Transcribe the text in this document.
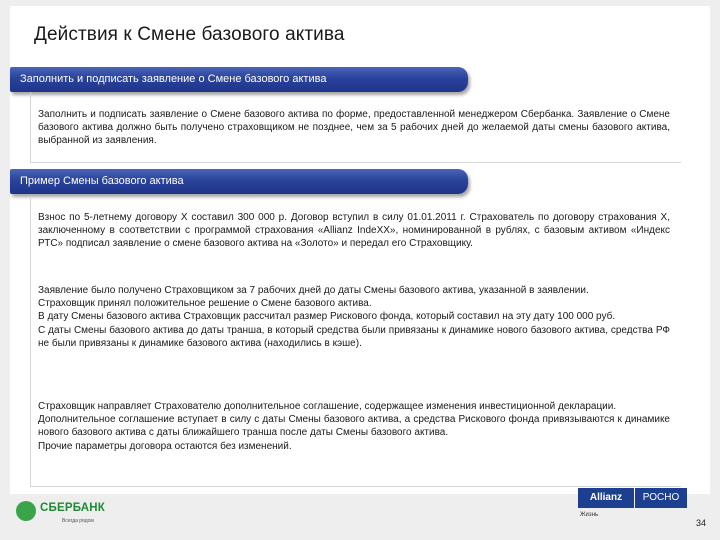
Действия к Смене базового актива
Заполнить и подписать заявление о Смене базового актива
Заполнить и подписать заявление о Смене базового актива по форме, предоставленной менеджером Сбербанка. Заявление о Смене базового актива должно быть получено страховщиком не позднее, чем за 5 рабочих дней до желаемой даты смены базового актива, выбранной из заявления.
Пример Смены базового актива
Взнос по 5-летнему договору Х составил 300 000 р. Договор вступил в силу 01.01.2011 г. Страхователь по договору страхования Х, заключенному в соответствии с программой страхования «Allianz IndeXX», номинированной в рублях, с базовым активом «Индекс РТС» подписал заявление о смене базового актива на «Золото» и передал его Страховщику.
Заявление было получено Страховщиком за 7 рабочих дней до даты Смены базового актива, указанной в заявлении.
Страховщик принял положительное решение о Смене базового актива.
В дату Смены базового актива Страховщик рассчитал размер Рискового фонда, который составил на эту дату 100 000 руб.
С даты Смены базового актива до даты транша, в который средства были привязаны к динамике нового базового актива, средства РФ не были привязаны к динамике базового актива (находились в кэше).
Страховщик направляет Страхователю дополнительное соглашение, содержащее изменения инвестиционной декларации.
Дополнительное соглашение вступает в силу с даты Смены базового актива, а средства Рискового фонда привязываются к динамике нового базового актива с даты ближайшего транша после даты Смены базового актива.
Прочие параметры договора остаются без изменений.
СБЕРБАНК
Всегда рядом
Allianz	РОСНО
Жизнь
34
